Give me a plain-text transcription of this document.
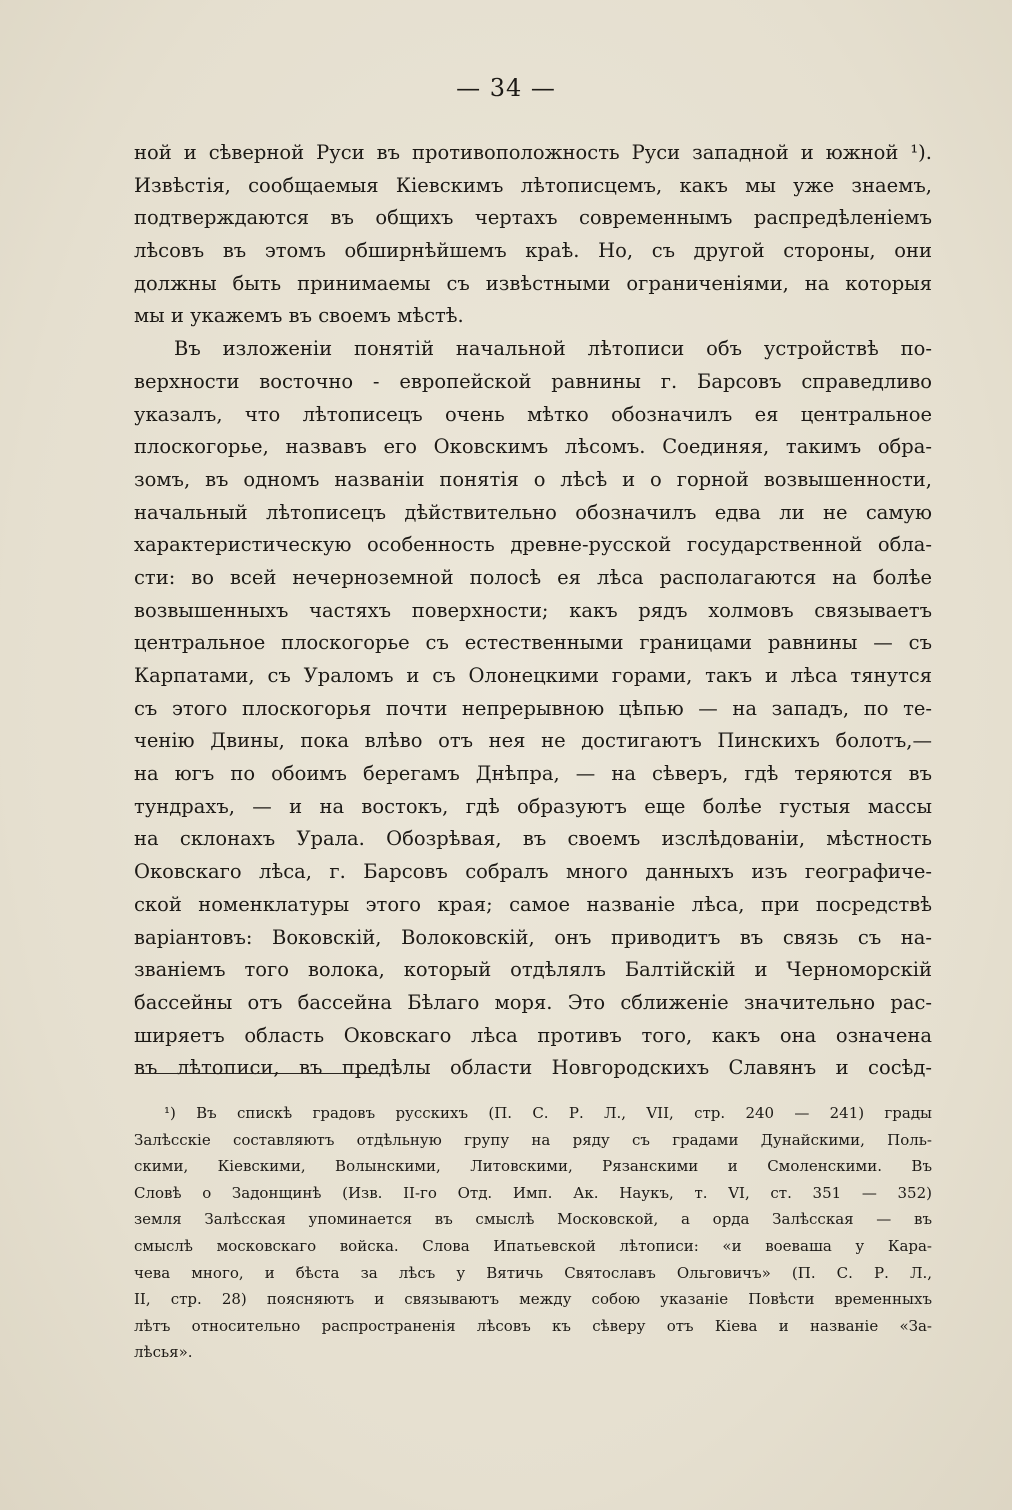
— 34 —
ной и сѣверной Руси въ противоположность Руси западной и южной ¹).
Извѣстія, сообщаемыя Кіевскимъ лѣтописцемъ, какъ мы уже знаемъ,
подтверждаются въ общихъ чертахъ современнымъ распредѣленіемъ
лѣсовъ въ этомъ обширнѣйшемъ краѣ. Но, съ другой стороны, они
должны быть принимаемы съ извѣстными ограниченіями, на которыя
мы и укажемъ въ своемъ мѣстѣ.
Въ изложеніи понятій начальной лѣтописи объ устройствѣ по-
верхности восточно - европейской равнины г. Барсовъ справедливо
указалъ, что лѣтописецъ очень мѣтко обозначилъ ея центральное
плоскогорье, назвавъ его Оковскимъ лѣсомъ. Соединяя, такимъ обра-
зомъ, въ одномъ названіи понятія о лѣсѣ и о горной возвышенности,
начальный лѣтописецъ дѣйствительно обозначилъ едва ли не самую
характеристическую особенность древне-русской государственной обла-
сти: во всей нечерноземной полосѣ ея лѣса располагаются на болѣе
возвышенныхъ частяхъ поверхности; какъ рядъ холмовъ связываетъ
центральное плоскогорье съ естественными границами равнины — съ
Карпатами, съ Ураломъ и съ Олонецкими горами, такъ и лѣса тянутся
съ этого плоскогорья почти непрерывною цѣпью — на западъ, по те-
ченію Двины, пока влѣво отъ нея не достигаютъ Пинскихъ болотъ,—
на югъ по обоимъ берегамъ Днѣпра, — на сѣверъ, гдѣ теряются въ
тундрахъ, — и на востокъ, гдѣ образуютъ еще болѣе густыя массы
на склонахъ Урала. Обозрѣвая, въ своемъ изслѣдованіи, мѣстность
Оковскаго лѣса, г. Барсовъ собралъ много данныхъ изъ географиче-
ской номенклатуры этого края; самое названіе лѣса, при посредствѣ
варіантовъ: Воковскій, Волоковскій, онъ приводитъ въ связь съ на-
званіемъ того волока, который отдѣлялъ Балтійскій и Черноморскій
бассейны отъ бассейна Бѣлаго моря. Это сближеніе значительно рас-
ширяетъ область Оковскаго лѣса противъ того, какъ она означена
въ лѣтописи, въ предѣлы области Новгородскихъ Славянъ и сосѣд-
¹) Въ спискѣ градовъ русскихъ (П. С. Р. Л., VII, стр. 240 — 241) грады
Залѣсскіе составляютъ отдѣльную групу на ряду съ градами Дунайскими, Поль-
скими, Кіевскими, Волынскими, Литовскими, Рязанскими и Смоленскими. Въ
Словѣ о Задонщинѣ (Изв. II-го Отд. Имп. Ак. Наукъ, т. VI, ст. 351 — 352)
земля Залѣсская упоминается въ смыслѣ Московской, а орда Залѣсская — въ
смыслѣ московскаго войска. Слова Ипатьевской лѣтописи: «и воеваша у Кара-
чева много, и бѣста за лѣсъ у Вятичь Святославъ Ольговичъ» (П. С. Р. Л.,
II, стр. 28) поясняютъ и связываютъ между собою указаніе Повѣсти временныхъ
лѣтъ относительно распространенія лѣсовъ къ сѣверу отъ Кіева и названіе «За-
лѣсья».
